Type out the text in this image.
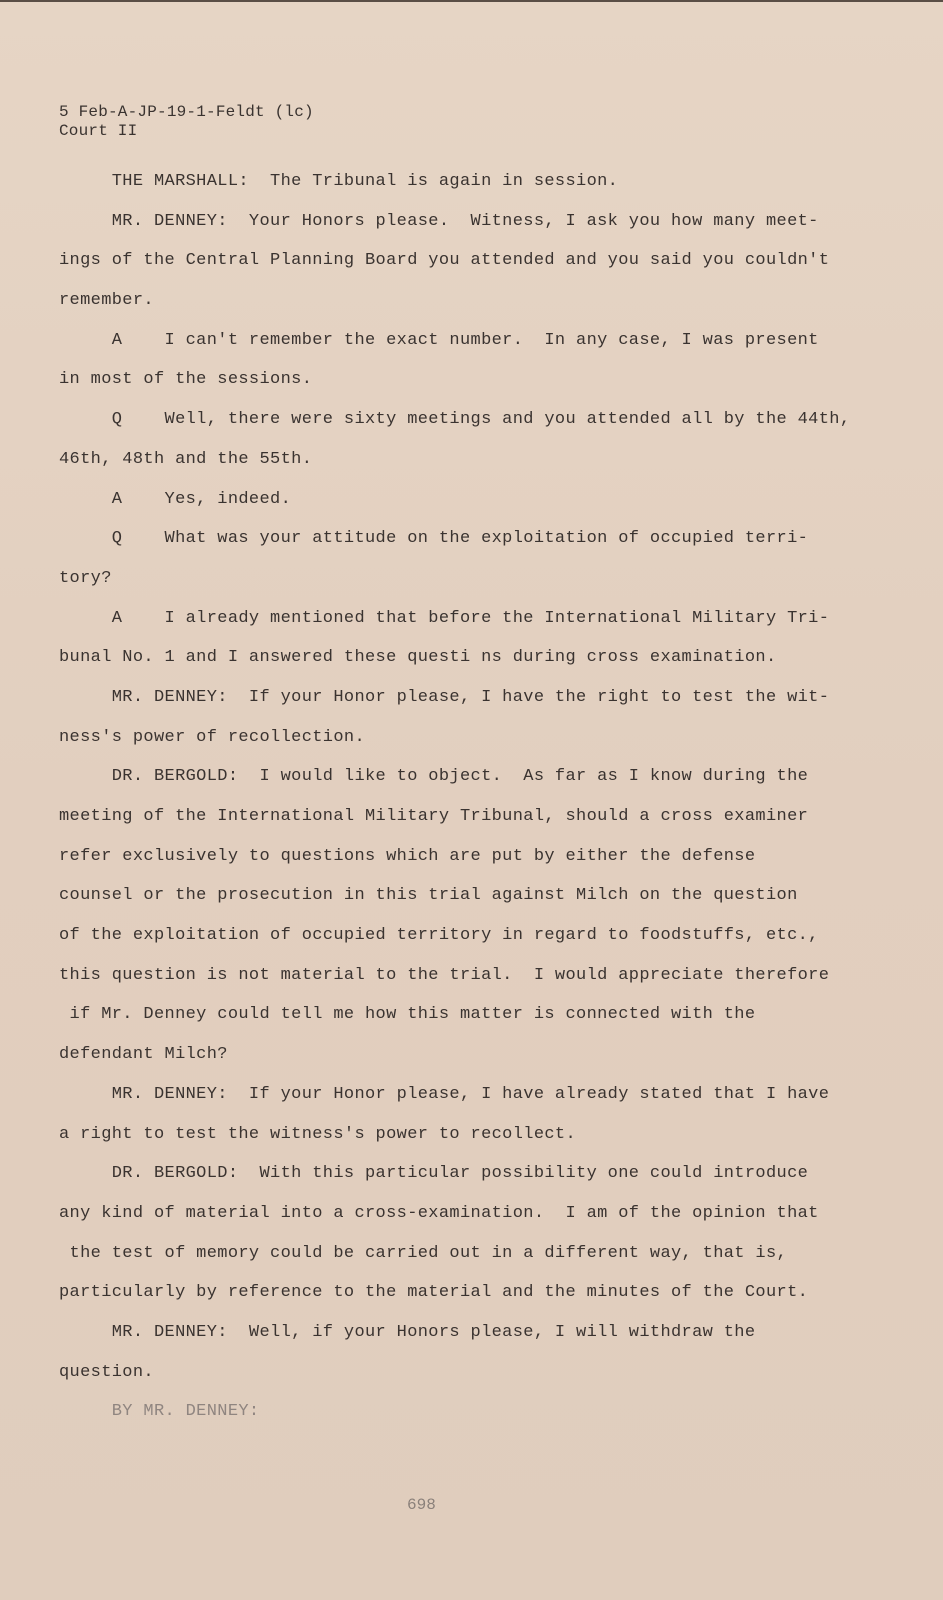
5 Feb-A-JP-19-1-Feldt (lc)
Court II
THE MARSHALL:  The Tribunal is again in session.
MR. DENNEY:  Your Honors please.  Witness, I ask you how many meet-
ings of the Central Planning Board you attended and you said you couldn't
remember.
A    I can't remember the exact number.  In any case, I was present
in most of the sessions.
Q    Well, there were sixty meetings and you attended all by the 44th,
46th, 48th and the 55th.
A    Yes, indeed.
Q    What was your attitude on the exploitation of occupied terri-
tory?
A    I already mentioned that before the International Military Tri-
bunal No. 1 and I answered these questi ns during cross examination.
MR. DENNEY:  If your Honor please, I have the right to test the wit-
ness's power of recollection.
DR. BERGOLD:  I would like to object.  As far as I know during the
meeting of the International Military Tribunal, should a cross examiner
refer exclusively to questions which are put by either the defense
counsel or the prosecution in this trial against Milch on the question
of the exploitation of occupied territory in regard to foodstuffs, etc.,
this question is not material to the trial.  I would appreciate therefore
if Mr. Denney could tell me how this matter is connected with the
defendant Milch?
MR. DENNEY:  If your Honor please, I have already stated that I have
a right to test the witness's power to recollect.
DR. BERGOLD:  With this particular possibility one could introduce
any kind of material into a cross-examination.  I am of the opinion that
the test of memory could be carried out in a different way, that is,
particularly by reference to the material and the minutes of the Court.
MR. DENNEY:  Well, if your Honors please, I will withdraw the
question.
BY MR. DENNEY:
698
